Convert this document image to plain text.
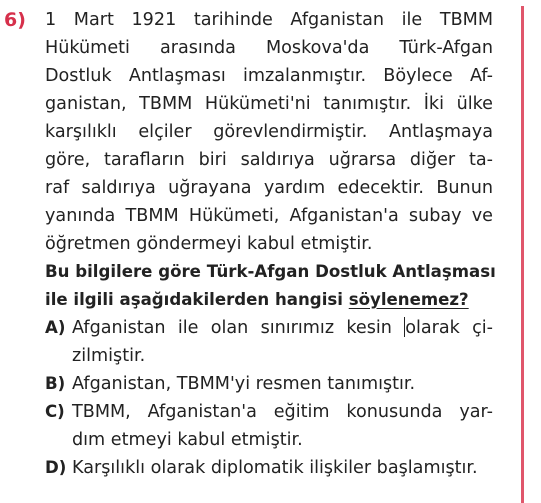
6) 1 Mart 1921 tarihinde Afganistan ile TBMM
Hükümeti arasında Moskova'da Türk-Afgan
Dostluk Antlaşması imzalanmıştır. Böylece Af-
ganistan, TBMM Hükümeti'ni tanımıştır. İki ülke
karşılıklı elçiler görevlendirmiştir. Antlaşmaya
göre, tarafların biri saldırıya uğrarsa diğer ta-
raf saldırıya uğrayana yardım edecektir. Bunun
yanında TBMM Hükümeti, Afganistan'a subay ve
öğretmen göndermeyi kabul etmiştir.
Bu bilgilere göre Türk-Afgan Dostluk Antlaşması
ile ilgili aşağıdakilerden hangisi söylenemez?
A) Afganistan ile olan sınırımız kesin olarak çi-
zilmiştir.
B) Afganistan, TBMM'yi resmen tanımıştır.
C) TBMM, Afganistan'a eğitim konusunda yar-
dım etmeyi kabul etmiştir.
D) Karşılıklı olarak diplomatik ilişkiler başlamıştır.
